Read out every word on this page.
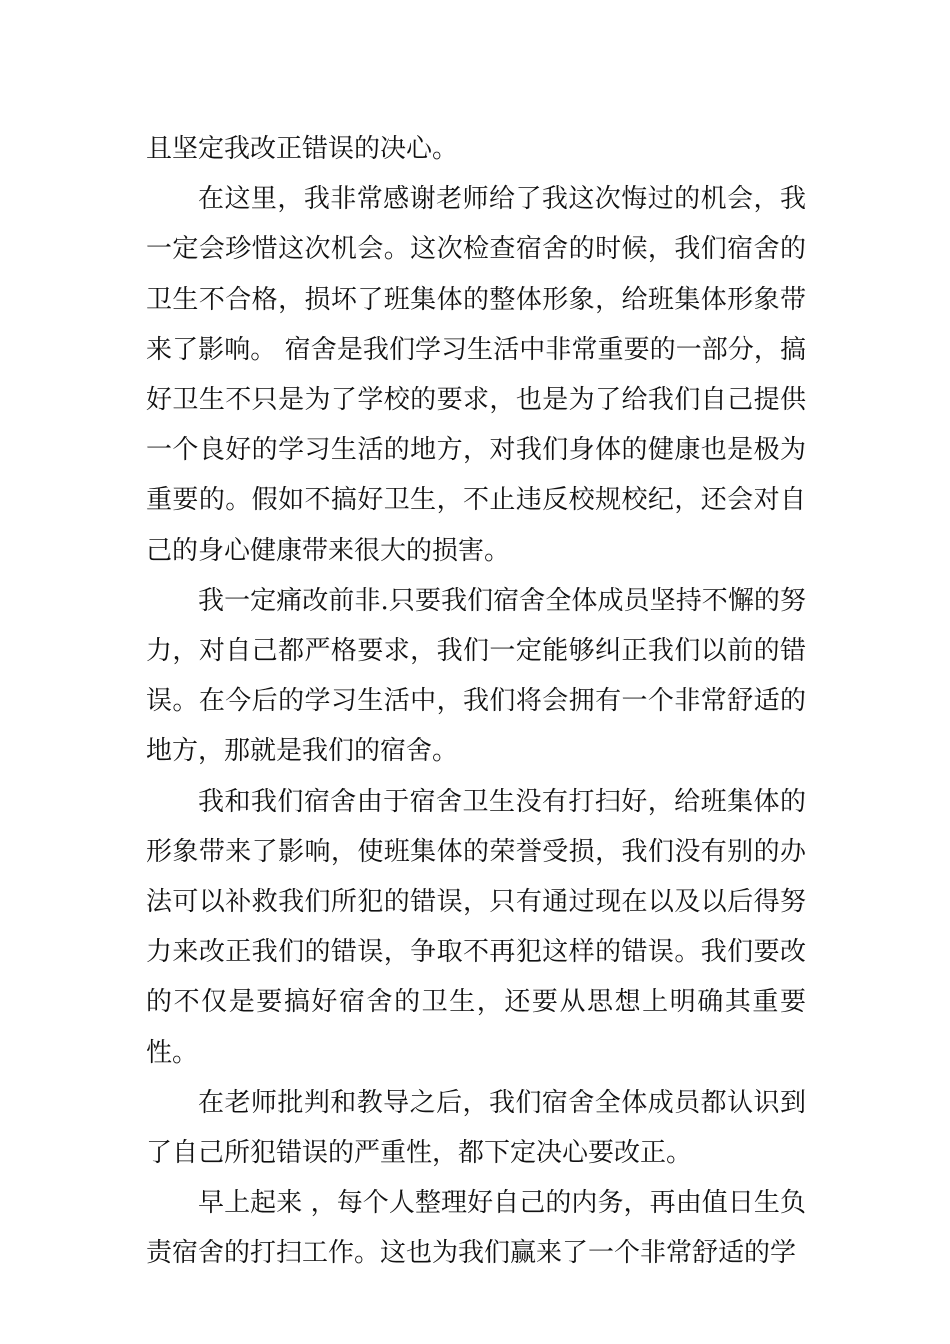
且坚定我改正错误的决心。

在这里，我非常感谢老师给了我这次悔过的机会，我一定会珍惜这次机会。这次检查宿舍的时候，我们宿舍的卫生不合格，损坏了班集体的整体形象，给班集体形象带来了影响。 宿舍是我们学习生活中非常重要的一部分，搞好卫生不只是为了学校的要求，也是为了给我们自己提供一个良好的学习生活的地方，对我们身体的健康也是极为重要的。假如不搞好卫生，不止违反校规校纪，还会对自己的身心健康带来很大的损害。

我一定痛改前非.只要我们宿舍全体成员坚持不懈的努力，对自己都严格要求，我们一定能够纠正我们以前的错误。在今后的学习生活中，我们将会拥有一个非常舒适的地方，那就是我们的宿舍。

我和我们宿舍由于宿舍卫生没有打扫好，给班集体的形象带来了影响，使班集体的荣誉受损，我们没有别的办法可以补救我们所犯的错误，只有通过现在以及以后得努力来改正我们的错误，争取不再犯这样的错误。我们要改的不仅是要搞好宿舍的卫生，还要从思想上明确其重要性。

在老师批判和教导之后，我们宿舍全体成员都认识到了自己所犯错误的严重性，都下定决心要改正。

早上起来 ，每个人整理好自己的内务，再由值日生负责宿舍的打扫工作。这也为我们赢来了一个非常舒适的学
